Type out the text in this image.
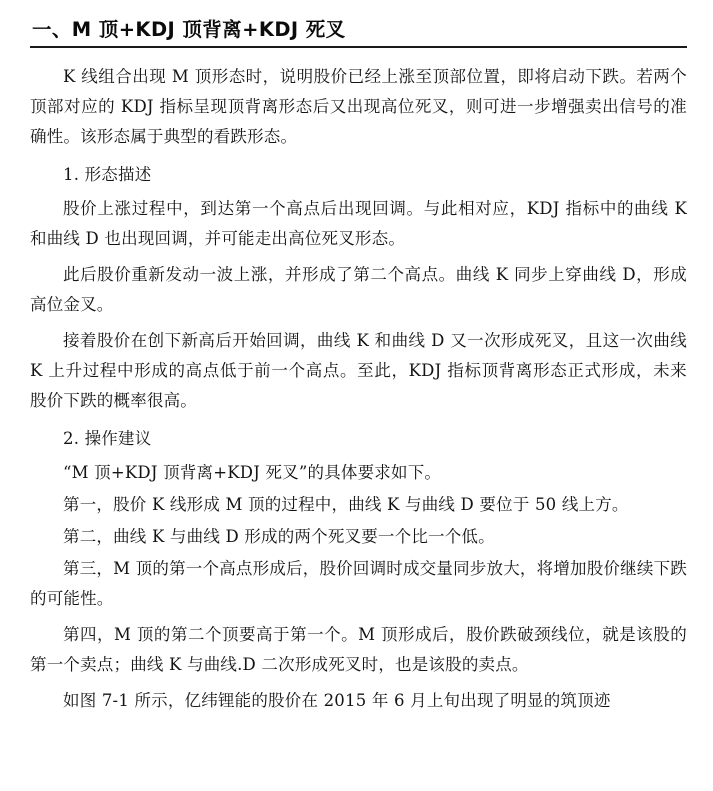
一、M 顶+KDJ 顶背离+KDJ 死叉

K 线组合出现 M 顶形态时，说明股价已经上涨至顶部位置，即将启动下跌。若两个顶部对应的 KDJ 指标呈现顶背离形态后又出现高位死叉，则可进一步增强卖出信号的准确性。该形态属于典型的看跌形态。

1. 形态描述

股价上涨过程中，到达第一个高点后出现回调。与此相对应，KDJ 指标中的曲线 K 和曲线 D 也出现回调，并可能走出高位死叉形态。

此后股价重新发动一波上涨，并形成了第二个高点。曲线 K 同步上穿曲线 D，形成高位金叉。

接着股价在创下新高后开始回调，曲线 K 和曲线 D 又一次形成死叉，且这一次曲线 K 上升过程中形成的高点低于前一个高点。至此，KDJ 指标顶背离形态正式形成，未来股价下跌的概率很高。

2. 操作建议

“M 顶+KDJ 顶背离+KDJ 死叉”的具体要求如下。

第一，股价 K 线形成 M 顶的过程中，曲线 K 与曲线 D 要位于 50 线上方。

第二，曲线 K 与曲线 D 形成的两个死叉要一个比一个低。

第三，M 顶的第一个高点形成后，股价回调时成交量同步放大，将增加股价继续下跌的可能性。

第四，M 顶的第二个顶要高于第一个。M 顶形成后，股价跌破颈线位，就是该股的第一个卖点；曲线 K 与曲线.D 二次形成死叉时，也是该股的卖点。

如图 7-1 所示，亿纬锂能的股价在 2015 年 6 月上旬出现了明显的筑顶迹
